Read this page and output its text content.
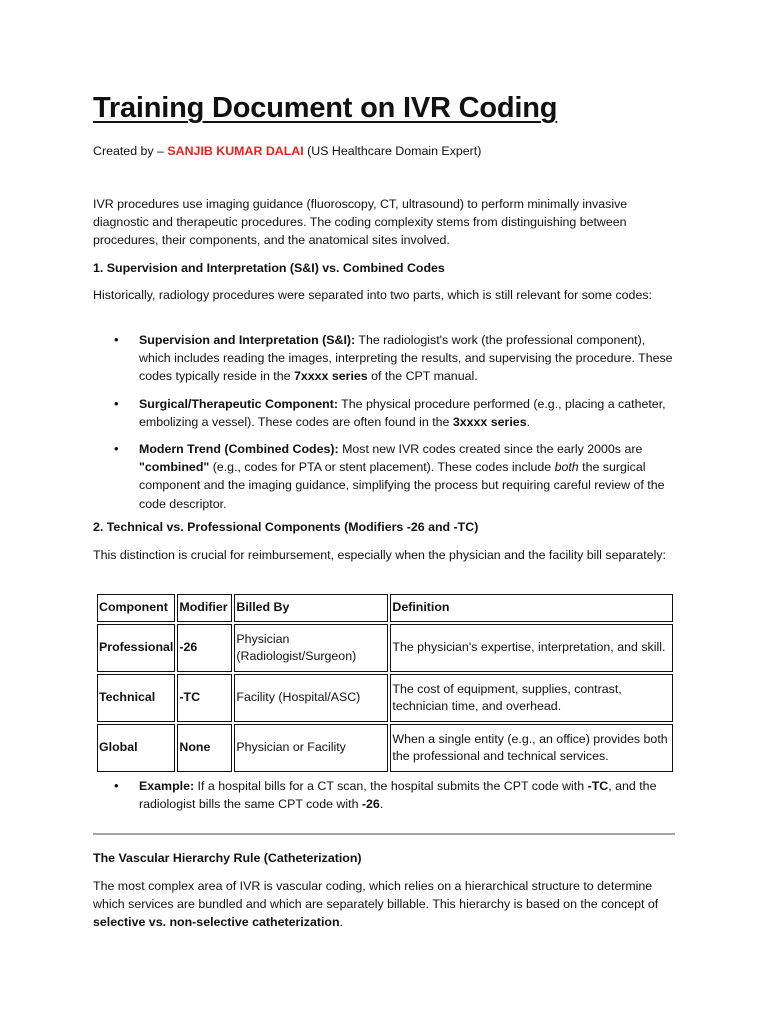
Training Document on IVR Coding

Created by – SANJIB KUMAR DALAI (US Healthcare Domain Expert)

IVR procedures use imaging guidance (fluoroscopy, CT, ultrasound) to perform minimally invasive diagnostic and therapeutic procedures. The coding complexity stems from distinguishing between procedures, their components, and the anatomical sites involved.

1. Supervision and Interpretation (S&I) vs. Combined Codes

Historically, radiology procedures were separated into two parts, which is still relevant for some codes:

• Supervision and Interpretation (S&I): The radiologist's work (the professional component), which includes reading the images, interpreting the results, and supervising the procedure. These codes typically reside in the 7xxxx series of the CPT manual.
• Surgical/Therapeutic Component: The physical procedure performed (e.g., placing a catheter, embolizing a vessel). These codes are often found in the 3xxxx series.
• Modern Trend (Combined Codes): Most new IVR codes created since the early 2000s are "combined" (e.g., codes for PTA or stent placement). These codes include both the surgical component and the imaging guidance, simplifying the process but requiring careful review of the code descriptor.

2. Technical vs. Professional Components (Modifiers -26 and -TC)

This distinction is crucial for reimbursement, especially when the physician and the facility bill separately:

Component	Modifier	Billed By	Definition
Professional	-26	Physician (Radiologist/Surgeon)	The physician's expertise, interpretation, and skill.
Technical	-TC	Facility (Hospital/ASC)	The cost of equipment, supplies, contrast, technician time, and overhead.
Global	None	Physician or Facility	When a single entity (e.g., an office) provides both the professional and technical services.
• Example: If a hospital bills for a CT scan, the hospital submits the CPT code with -TC, and the radiologist bills the same CPT code with -26.

The Vascular Hierarchy Rule (Catheterization)

The most complex area of IVR is vascular coding, which relies on a hierarchical structure to determine which services are bundled and which are separately billable. This hierarchy is based on the concept of selective vs. non-selective catheterization.
